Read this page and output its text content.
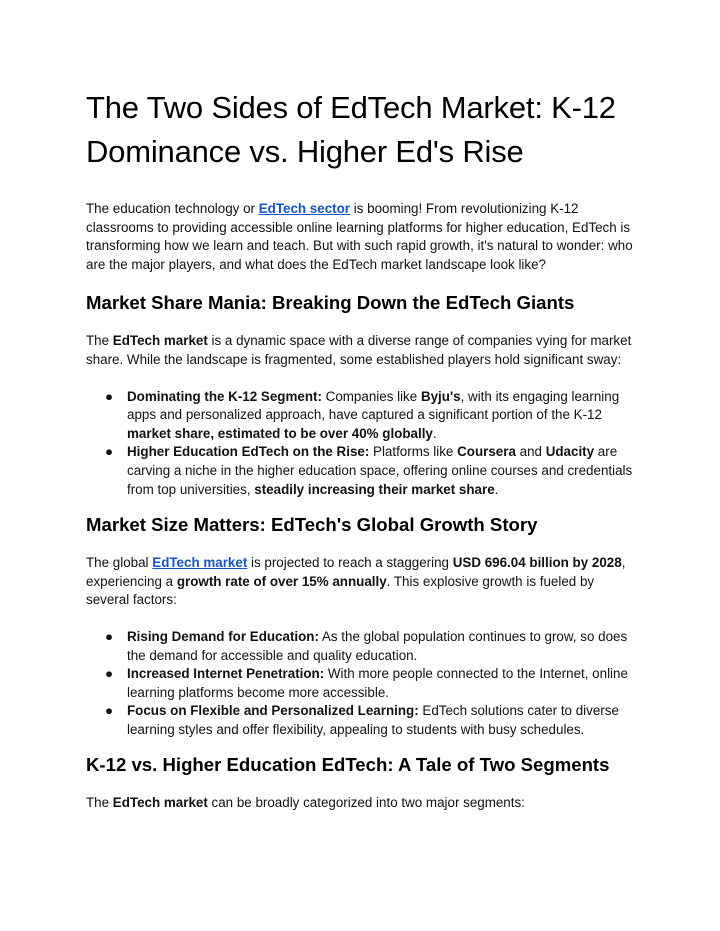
The Two Sides of EdTech Market: K-12 Dominance vs. Higher Ed's Rise

The education technology or EdTech sector is booming! From revolutionizing K-12 classrooms to providing accessible online learning platforms for higher education, EdTech is transforming how we learn and teach. But with such rapid growth, it's natural to wonder: who are the major players, and what does the EdTech market landscape look like?

Market Share Mania: Breaking Down the EdTech Giants

The EdTech market is a dynamic space with a diverse range of companies vying for market share. While the landscape is fragmented, some established players hold significant sway:

● Dominating the K-12 Segment: Companies like Byju's, with its engaging learning apps and personalized approach, have captured a significant portion of the K-12 market share, estimated to be over 40% globally.
● Higher Education EdTech on the Rise: Platforms like Coursera and Udacity are carving a niche in the higher education space, offering online courses and credentials from top universities, steadily increasing their market share.
Market Size Matters: EdTech's Global Growth Story

The global EdTech market is projected to reach a staggering USD 696.04 billion by 2028, experiencing a growth rate of over 15% annually. This explosive growth is fueled by several factors:

● Rising Demand for Education: As the global population continues to grow, so does the demand for accessible and quality education.
● Increased Internet Penetration: With more people connected to the Internet, online learning platforms become more accessible.
● Focus on Flexible and Personalized Learning: EdTech solutions cater to diverse learning styles and offer flexibility, appealing to students with busy schedules.
K-12 vs. Higher Education EdTech: A Tale of Two Segments

The EdTech market can be broadly categorized into two major segments:
